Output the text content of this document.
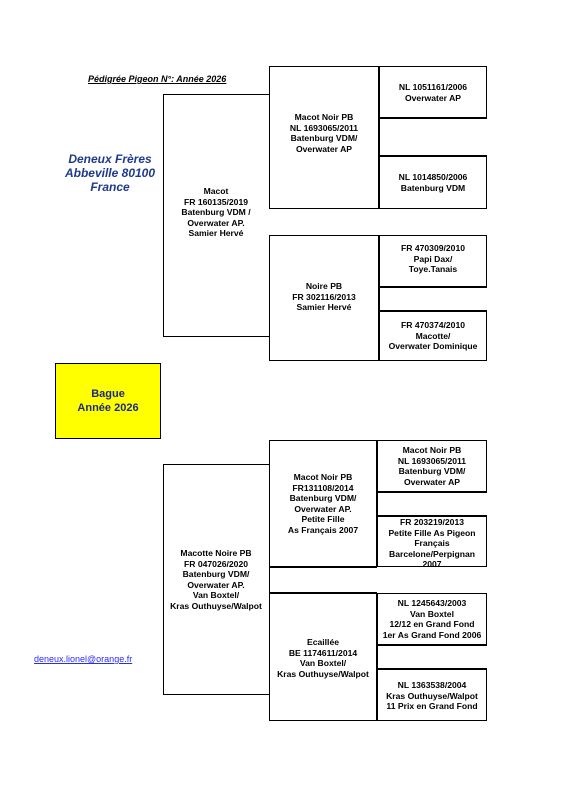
Pédigrée Pigeon N°: Année 2026
Deneux Frères
Abbeville 80100
France
Bague
Année 2026
deneux.lionel@orange.fr
Macot
FR 160135/2019
Batenburg VDM /
Overwater AP.
Samier Hervé
Macot Noir PB
NL 1693065/2011
Batenburg VDM/
Overwater AP
Noire PB
FR 302116/2013
Samier Hervé
NL 1051161/2006
Overwater AP
NL 1014850/2006
Batenburg VDM
FR 470309/2010
Papi Dax/
Toye.Tanais
FR 470374/2010
Macotte/
Overwater Dominique
Macotte Noire PB
FR 047026/2020
Batenburg VDM/
Overwater AP.
Van Boxtel/
Kras Outhuyse/Walpot
Macot Noir PB
FR131108/2014
Batenburg VDM/
Overwater AP.
Petite Fille
As Français 2007
Ecaillée
BE 1174611/2014
Van Boxtel/
Kras Outhuyse/Walpot
Macot Noir PB
NL 1693065/2011
Batenburg VDM/
Overwater AP
FR 203219/2013
Petite Fille As Pigeon
Français
Barcelone/Perpignan
2007
NL 1245643/2003
Van Boxtel
12/12 en Grand Fond
1er As Grand Fond 2006
NL 1363538/2004
Kras Outhuyse/Walpot
11 Prix en Grand Fond
